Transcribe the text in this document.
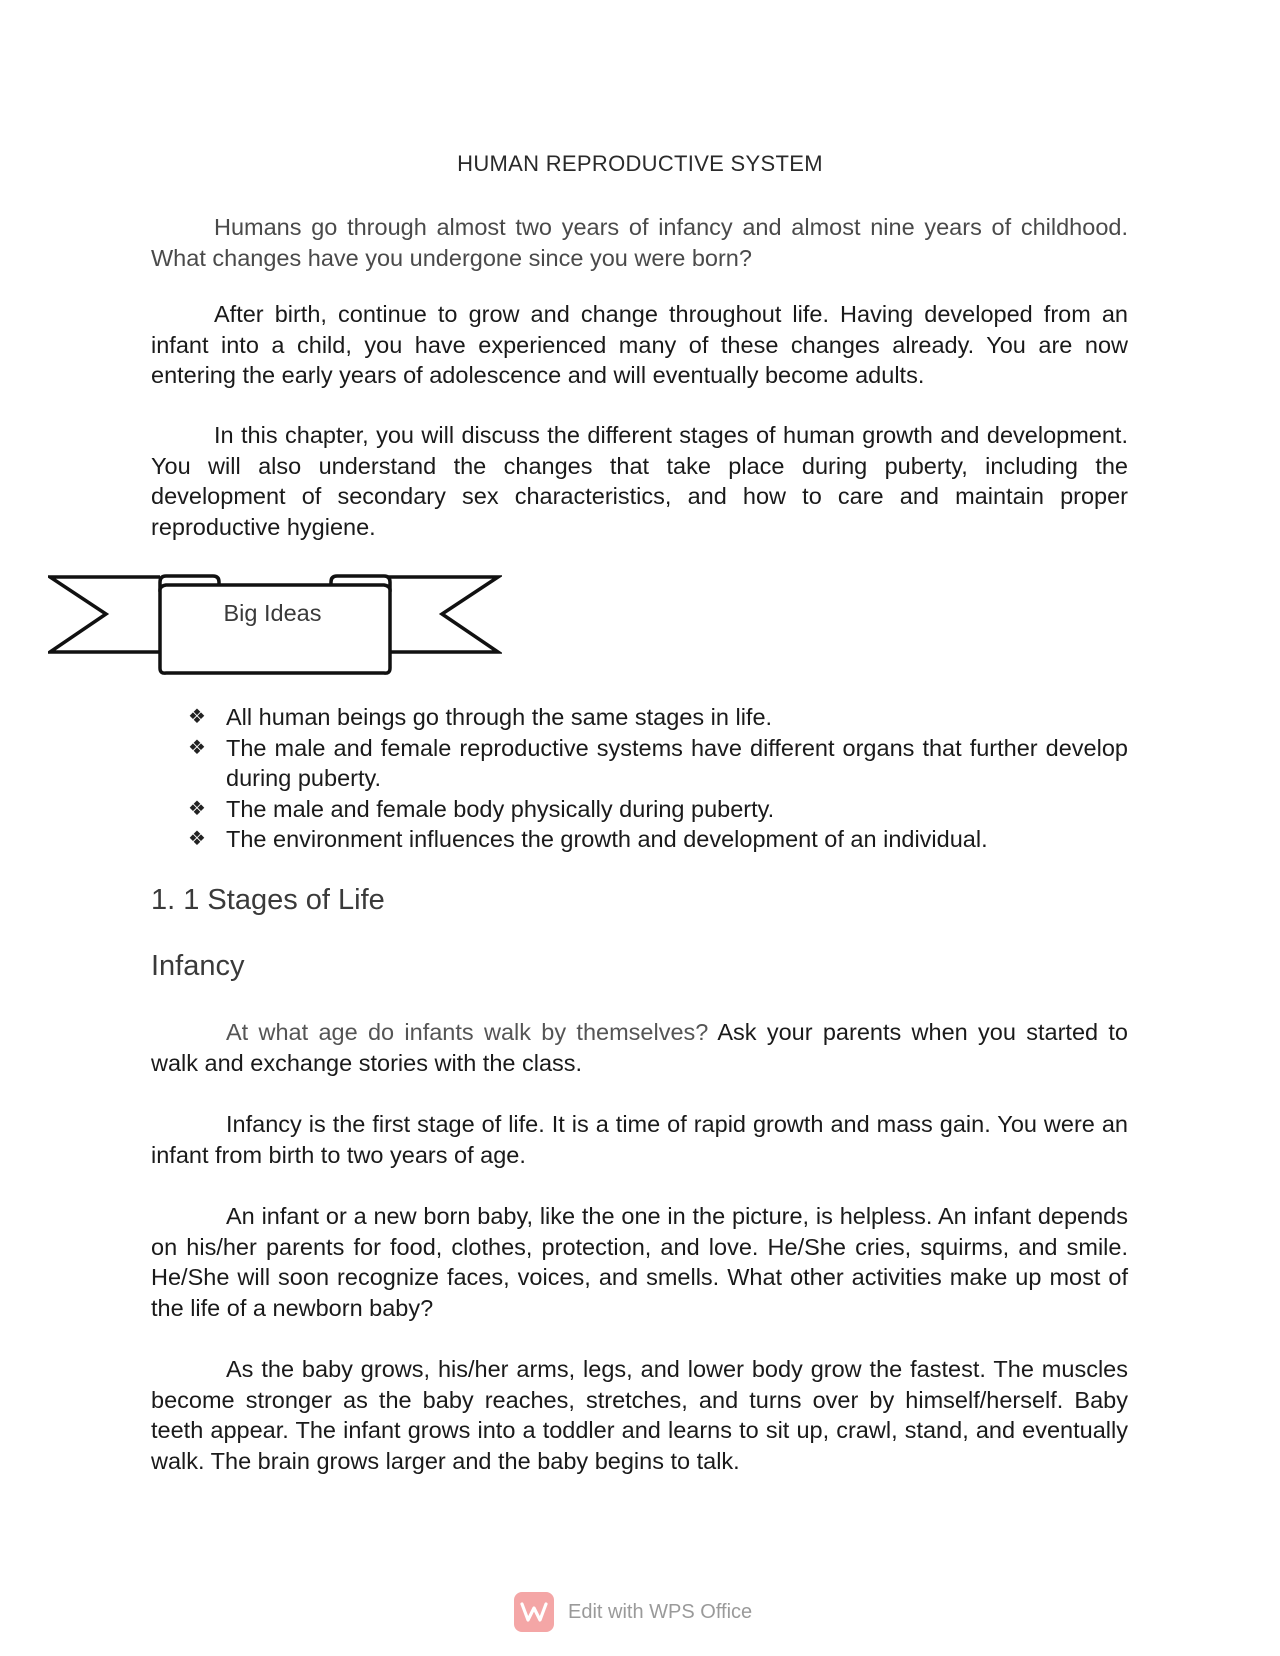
HUMAN REPRODUCTIVE SYSTEM

Humans go through almost two years of infancy and almost nine years of childhood. What changes have you undergone since you were born?

After birth, continue to grow and change throughout life. Having developed from an infant into a child, you have experienced many of these changes already. You are now entering the early years of adolescence and will eventually become adults.

In this chapter, you will discuss the different stages of human growth and development. You will also understand the changes that take place during puberty, including the development of secondary sex characteristics, and how to care and maintain proper reproductive hygiene.

Big Ideas
❖ All human beings go through the same stages in life.
❖ The male and female reproductive systems have different organs that further develop during puberty.
❖ The male and female body physically during puberty.
❖ The environment influences the growth and development of an individual.
1. 1 Stages of Life
Infancy

At what age do infants walk by themselves? Ask your parents when you started to walk and exchange stories with the class.

Infancy is the first stage of life. It is a time of rapid growth and mass gain. You were an infant from birth to two years of age.

An infant or a new born baby, like the one in the picture, is helpless. An infant depends on his/her parents for food, clothes, protection, and love. He/She cries, squirms, and smile. He/She will soon recognize faces, voices, and smells. What other activities make up most of the life of a newborn baby?

As the baby grows, his/her arms, legs, and lower body grow the fastest. The muscles become stronger as the baby reaches, stretches, and turns over by himself/herself. Baby teeth appear. The infant grows into a toddler and learns to sit up, crawl, stand, and eventually walk. The brain grows larger and the baby begins to talk.

Edit with WPS Office
